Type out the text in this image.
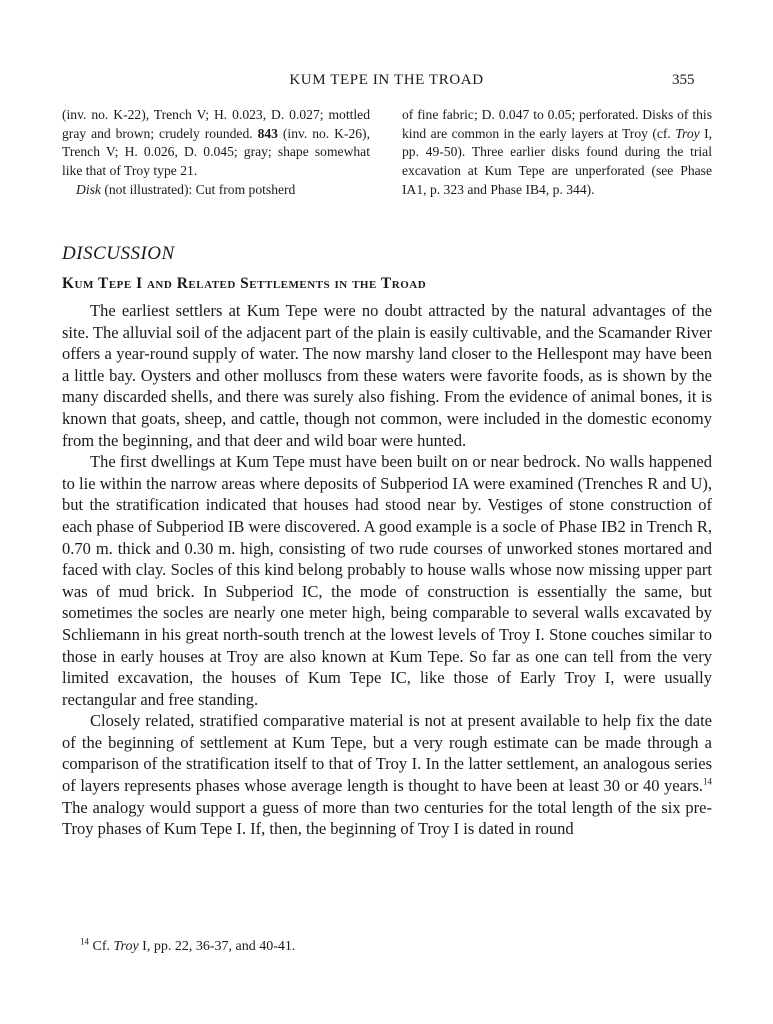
KUM TEPE IN THE TROAD	355

(inv. no. K-22), Trench V; H. 0.023, D. 0.027; mottled gray and brown; crudely rounded. 843 (inv. no. K-26), Trench V; H. 0.026, D. 0.045; gray; shape somewhat like that of Troy type 21.

Disk (not illustrated): Cut from potsherd

of fine fabric; D. 0.047 to 0.05; perforated. Disks of this kind are common in the early layers at Troy (cf. Troy I, pp. 49-50). Three earlier disks found during the trial excavation at Kum Tepe are unperforated (see Phase IA1, p. 323 and Phase IB4, p. 344).

DISCUSSION
Kum Tepe I and Related Settlements in the Troad

The earliest settlers at Kum Tepe were no doubt attracted by the natural advantages of the site. The alluvial soil of the adjacent part of the plain is easily cultivable, and the Scamander River offers a year-round supply of water. The now marshy land closer to the Hellespont may have been a little bay. Oysters and other molluscs from these waters were favorite foods, as is shown by the many discarded shells, and there was surely also fishing. From the evidence of animal bones, it is known that goats, sheep, and cattle, though not common, were included in the domestic economy from the beginning, and that deer and wild boar were hunted.

The first dwellings at Kum Tepe must have been built on or near bedrock. No walls happened to lie within the narrow areas where deposits of Subperiod IA were examined (Trenches R and U), but the stratification indicated that houses had stood near by. Vestiges of stone construction of each phase of Subperiod IB were discovered. A good example is a socle of Phase IB2 in Trench R, 0.70 m. thick and 0.30 m. high, consisting of two rude courses of unworked stones mortared and faced with clay. Socles of this kind belong probably to house walls whose now missing upper part was of mud brick. In Subperiod IC, the mode of construction is essentially the same, but sometimes the socles are nearly one meter high, being comparable to several walls excavated by Schliemann in his great north-south trench at the lowest levels of Troy I. Stone couches similar to those in early houses at Troy are also known at Kum Tepe. So far as one can tell from the very limited excavation, the houses of Kum Tepe IC, like those of Early Troy I, were usually rectangular and free standing.

Closely related, stratified comparative material is not at present available to help fix the date of the beginning of settlement at Kum Tepe, but a very rough estimate can be made through a comparison of the stratification itself to that of Troy I. In the latter settlement, an analogous series of layers represents phases whose average length is thought to have been at least 30 or 40 years.$^{14}$ The analogy would support a guess of more than two centuries for the total length of the six pre-Troy phases of Kum Tepe I. If, then, the beginning of Troy I is dated in round

$^{14}$ Cf. Troy I, pp. 22, 36-37, and 40-41.
